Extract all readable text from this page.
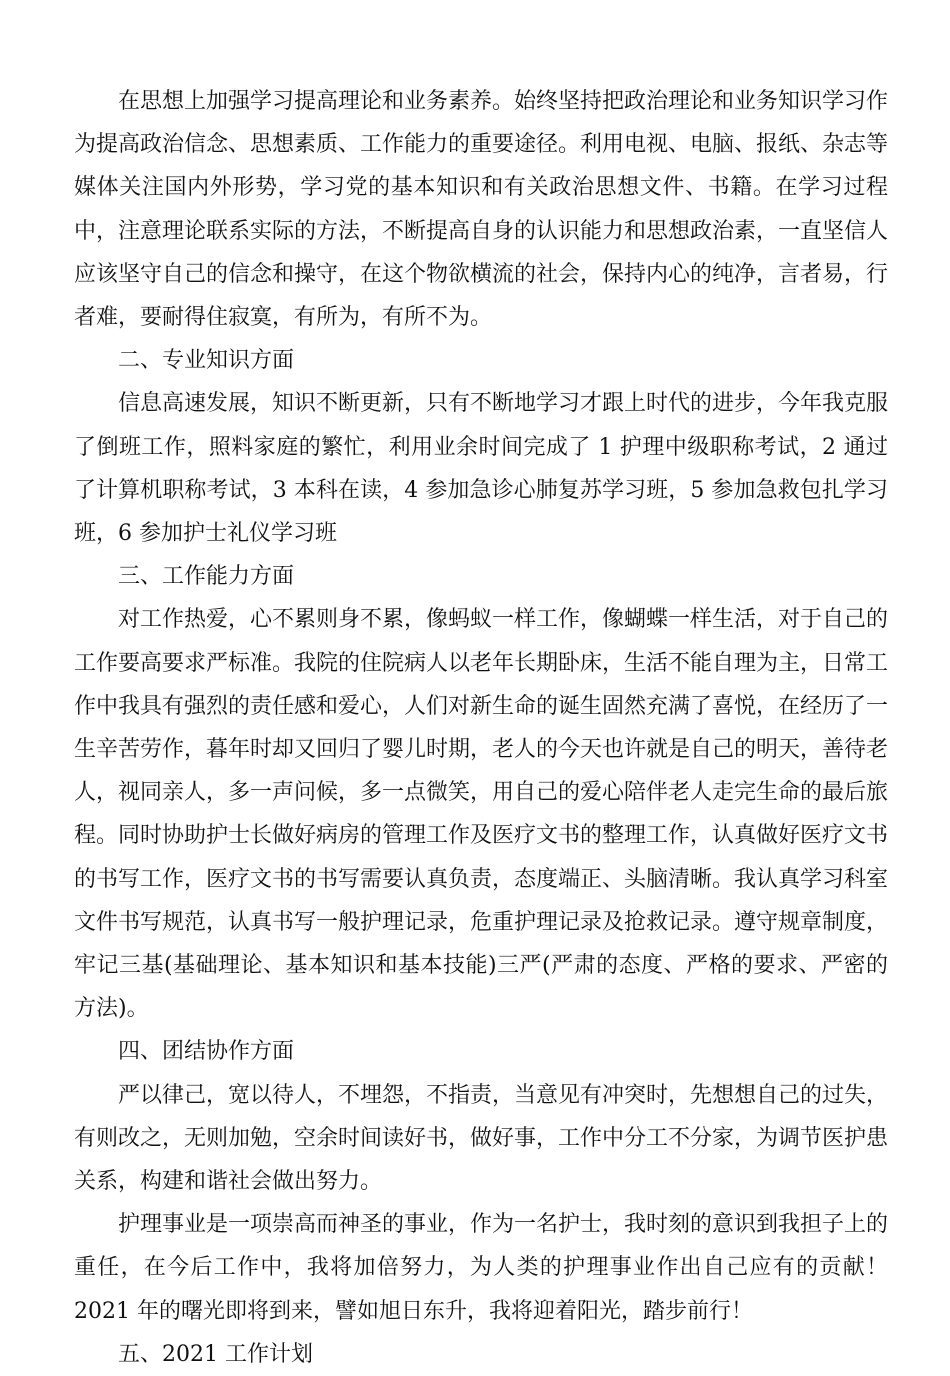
在思想上加强学习提高理论和业务素养。始终坚持把政治理论和业务知识学习作为提高政治信念、思想素质、工作能力的重要途径。利用电视、电脑、报纸、杂志等媒体关注国内外形势，学习党的基本知识和有关政治思想文件、书籍。在学习过程中，注意理论联系实际的方法，不断提高自身的认识能力和思想政治素，一直坚信人应该坚守自己的信念和操守，在这个物欲横流的社会，保持内心的纯净，言者易，行者难，要耐得住寂寞，有所为，有所不为。

二、专业知识方面

信息高速发展，知识不断更新，只有不断地学习才跟上时代的进步，今年我克服了倒班工作，照料家庭的繁忙，利用业余时间完成了 1 护理中级职称考试，2 通过了计算机职称考试，3 本科在读，4 参加急诊心肺复苏学习班，5 参加急救包扎学习班，6 参加护士礼仪学习班

三、工作能力方面

对工作热爱，心不累则身不累，像蚂蚁一样工作，像蝴蝶一样生活，对于自己的工作要高要求严标准。我院的住院病人以老年长期卧床，生活不能自理为主，日常工作中我具有强烈的责任感和爱心，人们对新生命的诞生固然充满了喜悦，在经历了一生辛苦劳作，暮年时却又回归了婴儿时期，老人的今天也许就是自己的明天，善待老人，视同亲人，多一声问候，多一点微笑，用自己的爱心陪伴老人走完生命的最后旅程。同时协助护士长做好病房的管理工作及医疗文书的整理工作，认真做好医疗文书的书写工作，医疗文书的书写需要认真负责，态度端正、头脑清晰。我认真学习科室文件书写规范，认真书写一般护理记录，危重护理记录及抢救记录。遵守规章制度，牢记三基(基础理论、基本知识和基本技能)三严(严肃的态度、严格的要求、严密的方法)。

四、团结协作方面

严以律己，宽以待人，不埋怨，不指责，当意见有冲突时，先想想自己的过失，有则改之，无则加勉，空余时间读好书，做好事，工作中分工不分家，为调节医护患关系，构建和谐社会做出努力。

护理事业是一项崇高而神圣的事业，作为一名护士，我时刻的意识到我担子上的重任，在今后工作中，我将加倍努力，为人类的护理事业作出自己应有的贡献！2021 年的曙光即将到来，譬如旭日东升，我将迎着阳光，踏步前行！

五、2021 工作计划
